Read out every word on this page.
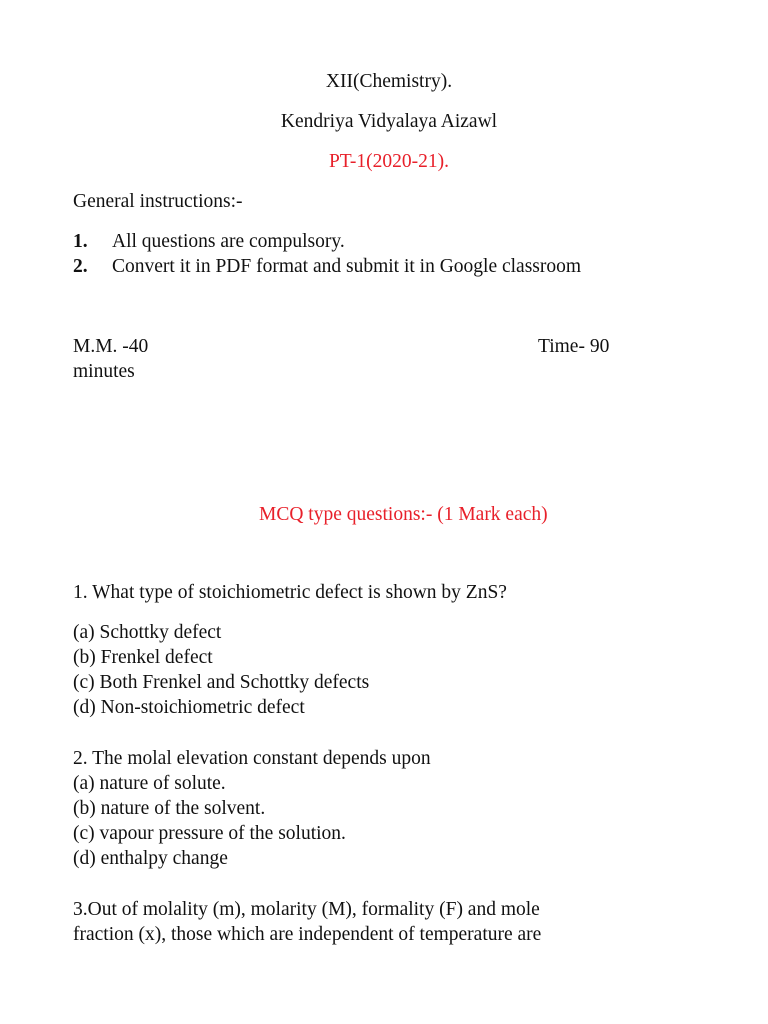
XII(Chemistry).
Kendriya Vidyalaya Aizawl
PT-1(2020-21).
General instructions:-
1. All questions are compulsory.
2. Convert it in PDF format and submit it in Google classroom
M.M. -40	Time- 90
minutes
MCQ type questions:- (1 Mark each)
1. What type of stoichiometric defect is shown by ZnS?
(a) Schottky defect
(b) Frenkel defect
(c) Both Frenkel and Schottky defects
(d) Non-stoichiometric defect
2. The molal elevation constant depends upon
(a) nature of solute.
(b) nature of the solvent.
(c) vapour pressure of the solution.
(d) enthalpy change
3.Out of molality (m), molarity (M), formality (F) and mole
fraction (x), those which are independent of temperature are
